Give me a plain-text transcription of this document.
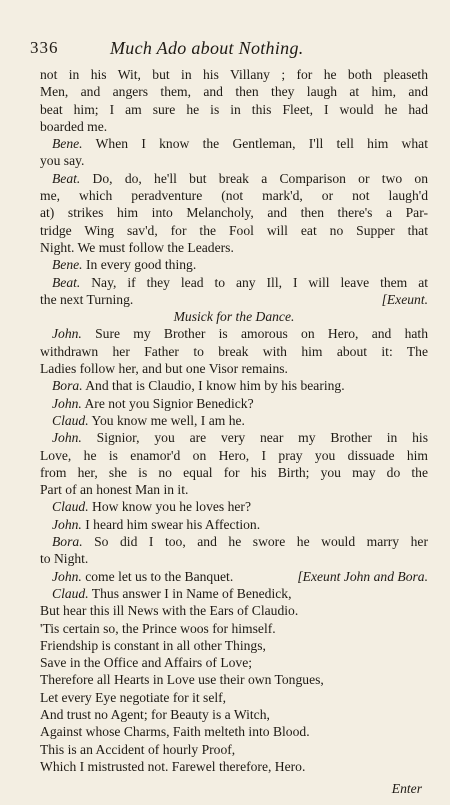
336	Much Ado about Nothing.
not in his Wit, but in his Villany ; for he both pleaseth
Men, and angers them, and then they laugh at him, and
beat him; I am sure he is in this Fleet, I would he had
boarded me.
Bene. When I know the Gentleman, I'll tell him what
you say.
Beat. Do, do, he'll but break a Comparison or two on
me, which peradventure (not mark'd, or not laugh'd
at) strikes him into Melancholy, and then there's a Par-
tridge Wing sav'd, for the Fool will eat no Supper that
Night. We must follow the Leaders.
Bene. In every good thing.
Beat. Nay, if they lead to any Ill, I will leave them at
the next Turning.	[Exeunt.
Musick for the Dance.
John. Sure my Brother is amorous on Hero, and hath
withdrawn her Father to break with him about it: The
Ladies follow her, and but one Visor remains.
Bora. And that is Claudio, I know him by his bearing.
John. Are not you Signior Benedick?
Claud. You know me well, I am he.
John. Signior, you are very near my Brother in his
Love, he is enamor'd on Hero, I pray you dissuade him
from her, she is no equal for his Birth; you may do the
Part of an honest Man in it.
Claud. How know you he loves her?
John. I heard him swear his Affection.
Bora. So did I too, and he swore he would marry her
to Night.
John. come let us to the Banquet.	[Exeunt John and Bora.
Claud. Thus answer I in Name of Benedick,
But hear this ill News with the Ears of Claudio.
'Tis certain so, the Prince woos for himself.
Friendship is constant in all other Things,
Save in the Office and Affairs of Love;
Therefore all Hearts in Love use their own Tongues,
Let every Eye negotiate for it self,
And trust no Agent; for Beauty is a Witch,
Against whose Charms, Faith melteth into Blood.
This is an Accident of hourly Proof,
Which I mistrusted not. Farewel therefore, Hero.
Enter
